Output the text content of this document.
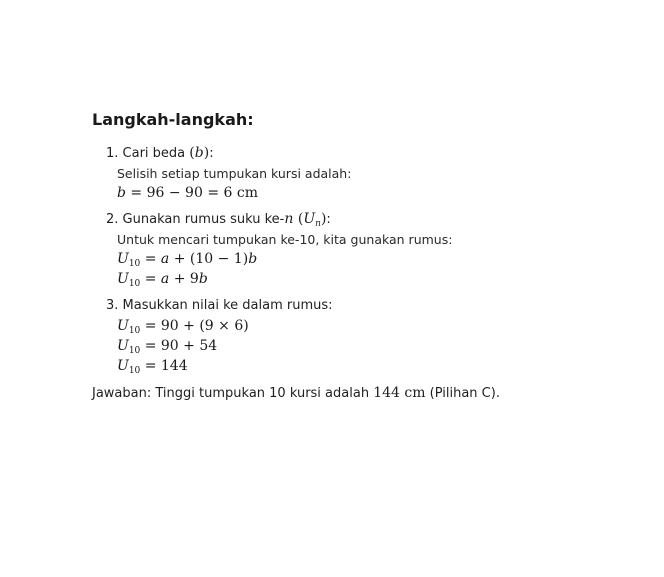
Langkah-langkah:
1. Cari beda (b):
Selisih setiap tumpukan kursi adalah:
b = 96 − 90 = 6 cm
2. Gunakan rumus suku ke-n $(U_n)$:
Untuk mencari tumpukan ke-10, kita gunakan rumus:
$U_{10} = a + (10 - 1)b$
$U_{10} = a + 9b$
3. Masukkan nilai ke dalam rumus:
$U_{10} = 90 + (9 \times 6)$
$U_{10} = 90 + 54$
$U_{10} = 144$
Jawaban: Tinggi tumpukan 10 kursi adalah 144 cm (Pilihan C).
